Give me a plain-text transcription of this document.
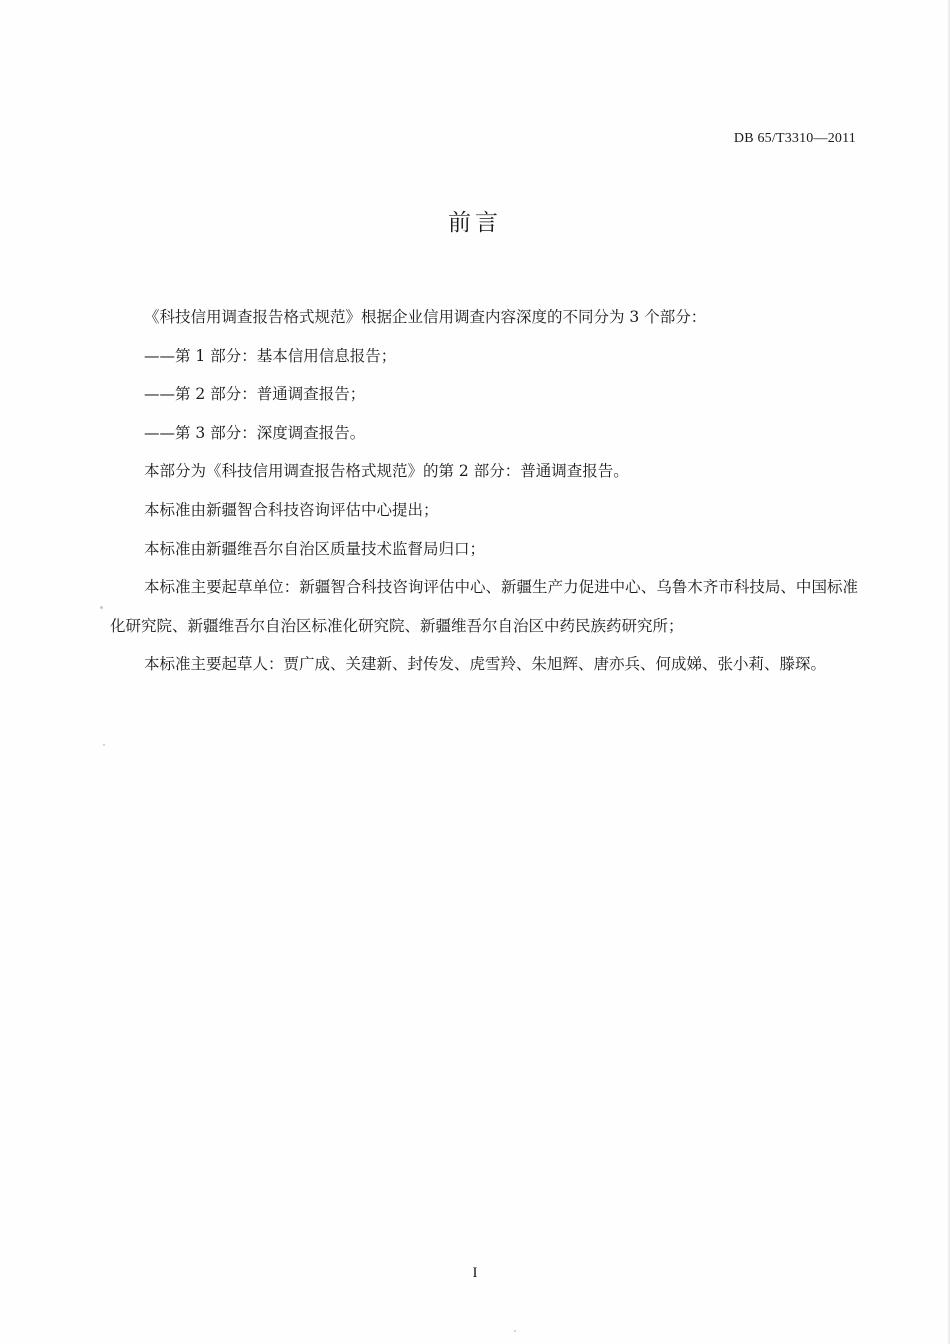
DB 65/T3310—2011
前言

《科技信用调查报告格式规范》根据企业信用调查内容深度的不同分为 3 个部分：

——第 1 部分：基本信用信息报告；

——第 2 部分：普通调查报告；

——第 3 部分：深度调查报告。

本部分为《科技信用调查报告格式规范》的第 2 部分：普通调查报告。

本标准由新疆智合科技咨询评估中心提出；

本标准由新疆维吾尔自治区质量技术监督局归口；

本标准主要起草单位：新疆智合科技咨询评估中心、新疆生产力促进中心、乌鲁木齐市科技局、中国标准化研究院、新疆维吾尔自治区标准化研究院、新疆维吾尔自治区中药民族药研究所；

本标准主要起草人：贾广成、关建新、封传发、虎雪羚、朱旭辉、唐亦兵、何成娣、张小莉、滕琛。

I
